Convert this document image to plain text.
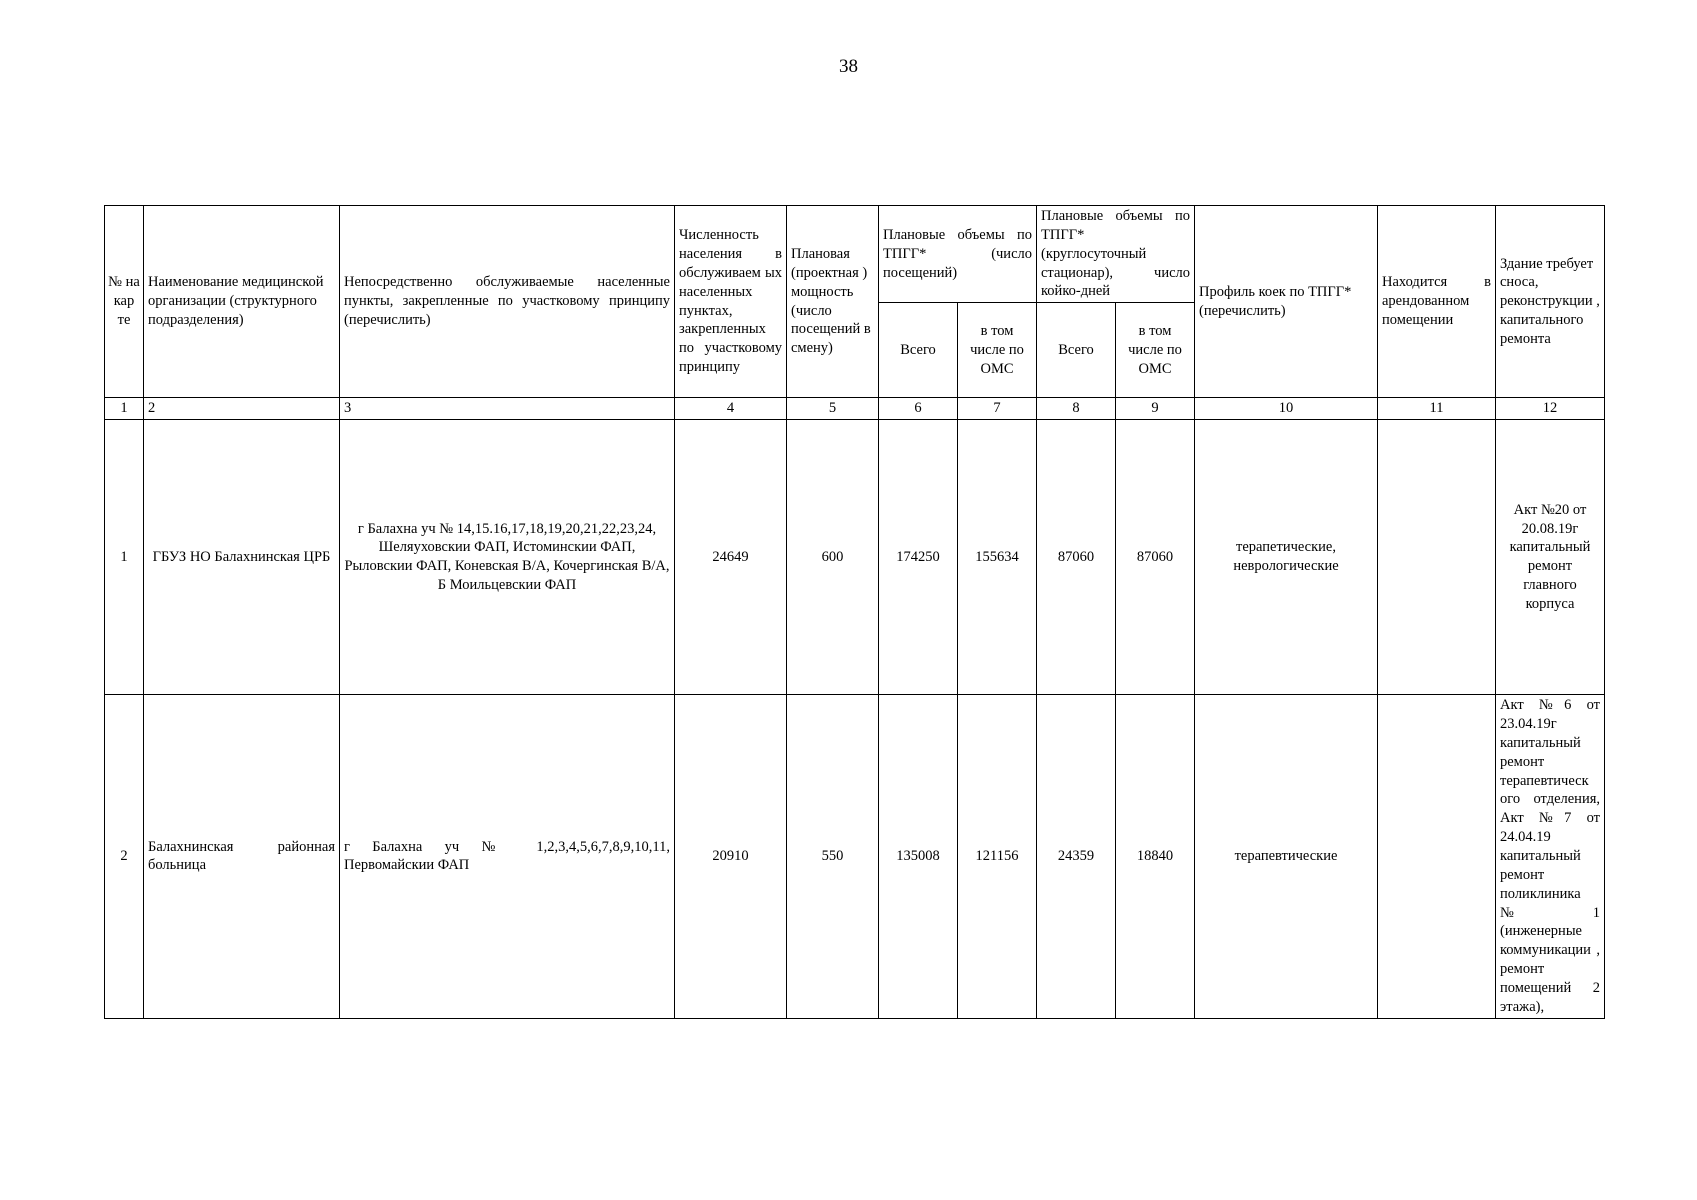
38
№ на кар те	Наименование медицинской организации (структурного подразделения)	Непосредственно обслуживаемые населенные пункты, закрепленные по участковому принципу (перечислить)	Численность населения в обслуживаем ых населенных пунктах, закрепленных по участковому принципу	Плановая (проектная ) мощность (число посещений в смену)	Плановые объемы по ТПГГ* (число посещений)		Плановые объемы по ТПГГ* (круглосуточный стационар), число койко-дней		Профиль коек по ТПГГ* (перечислить)	Находится в арендованном помещении	Здание требует сноса, реконструкции , капитального ремонта
					Всего	в том числе по ОМС	Всего	в том числе по ОМС			
1	2	3	4	5	6	7	8	9	10	11	12
1	ГБУЗ НО Балахнинская ЦРБ	г Балахна уч № 14,15.16,17,18,19,20,21,22,23,24, Шеляуховскии ФАП, Истоминскии ФАП, Рыловскии ФАП, Коневская В/А, Кочергинская В/А, Б Моильцевскии ФАП	24649	600	174250	155634	87060	87060	терапетические, неврологические		Акт №20 от 20.08.19г капитальный ремонт главного корпуса
2	Балахнинская районная больница	г Балахна уч № 1,2,3,4,5,6,7,8,9,10,11, Первомайскии ФАП	20910	550	135008	121156	24359	18840	терапевтические		Акт №6 от 23.04.19г капитальный ремонт терапевтическ ого отделения, Акт №7 от 24.04.19 капитальный ремонт поликлиника №1 (инженерные коммуникации , ремонт помещений 2 этажа),
